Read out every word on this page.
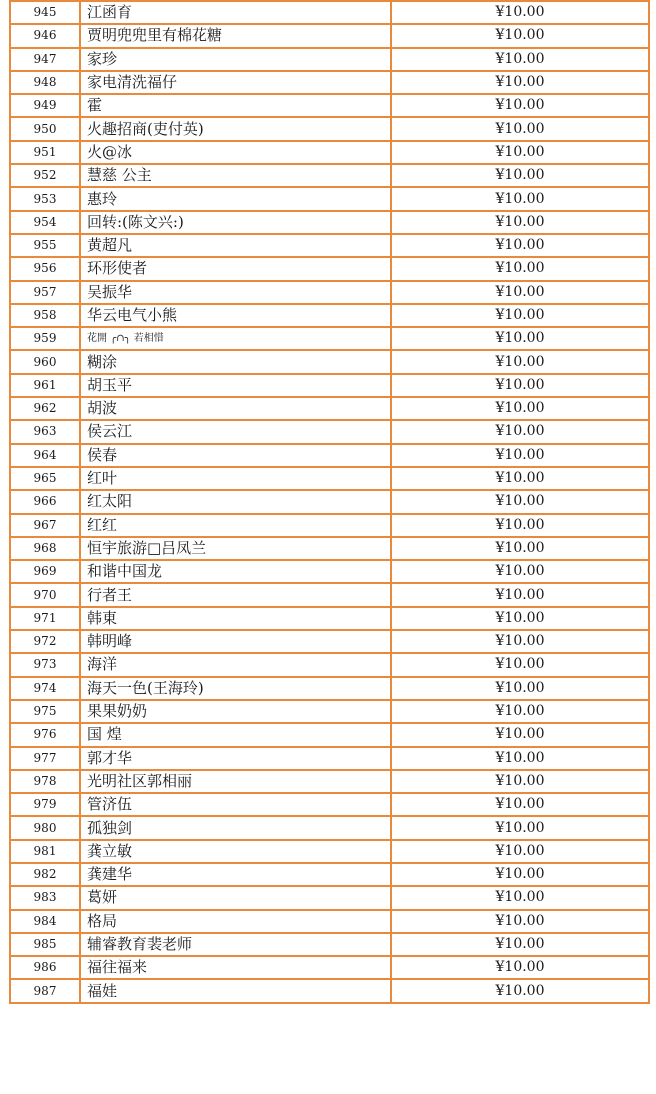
945	江函育	¥10.00
946	贾明兜兜里有棉花糖	¥10.00
947	家珍	¥10.00
948	家电清洗福仔	¥10.00
949	霍	¥10.00
950	火趣招商(吏付英)	¥10.00
951	火@冰	¥10.00
952	慧慈 公主	¥10.00
953	惠玲	¥10.00
954	回转:(陈文兴:)	¥10.00
955	黄超凡	¥10.00
956	环形使者	¥10.00
957	吴振华	¥10.00
958	华云电气小熊	¥10.00
959	花開 ╭∩╮ 若相惜	¥10.00
960	糊涂	¥10.00
961	胡玉平	¥10.00
962	胡波	¥10.00
963	侯云江	¥10.00
964	侯春	¥10.00
965	红叶	¥10.00
966	红太阳	¥10.00
967	红红	¥10.00
968	恒宇旅游□吕凤兰	¥10.00
969	和谐中国龙	¥10.00
970	行者王	¥10.00
971	韩東	¥10.00
972	韩明峰	¥10.00
973	海洋	¥10.00
974	海天一色(王海玲)	¥10.00
975	果果奶奶	¥10.00
976	国 煌	¥10.00
977	郭才华	¥10.00
978	光明社区郭相丽	¥10.00
979	管济伍	¥10.00
980	孤独剑	¥10.00
981	龚立敏	¥10.00
982	龚建华	¥10.00
983	葛妍	¥10.00
984	格局	¥10.00
985	辅睿教育裴老师	¥10.00
986	福往福来	¥10.00
987	福娃	¥10.00
